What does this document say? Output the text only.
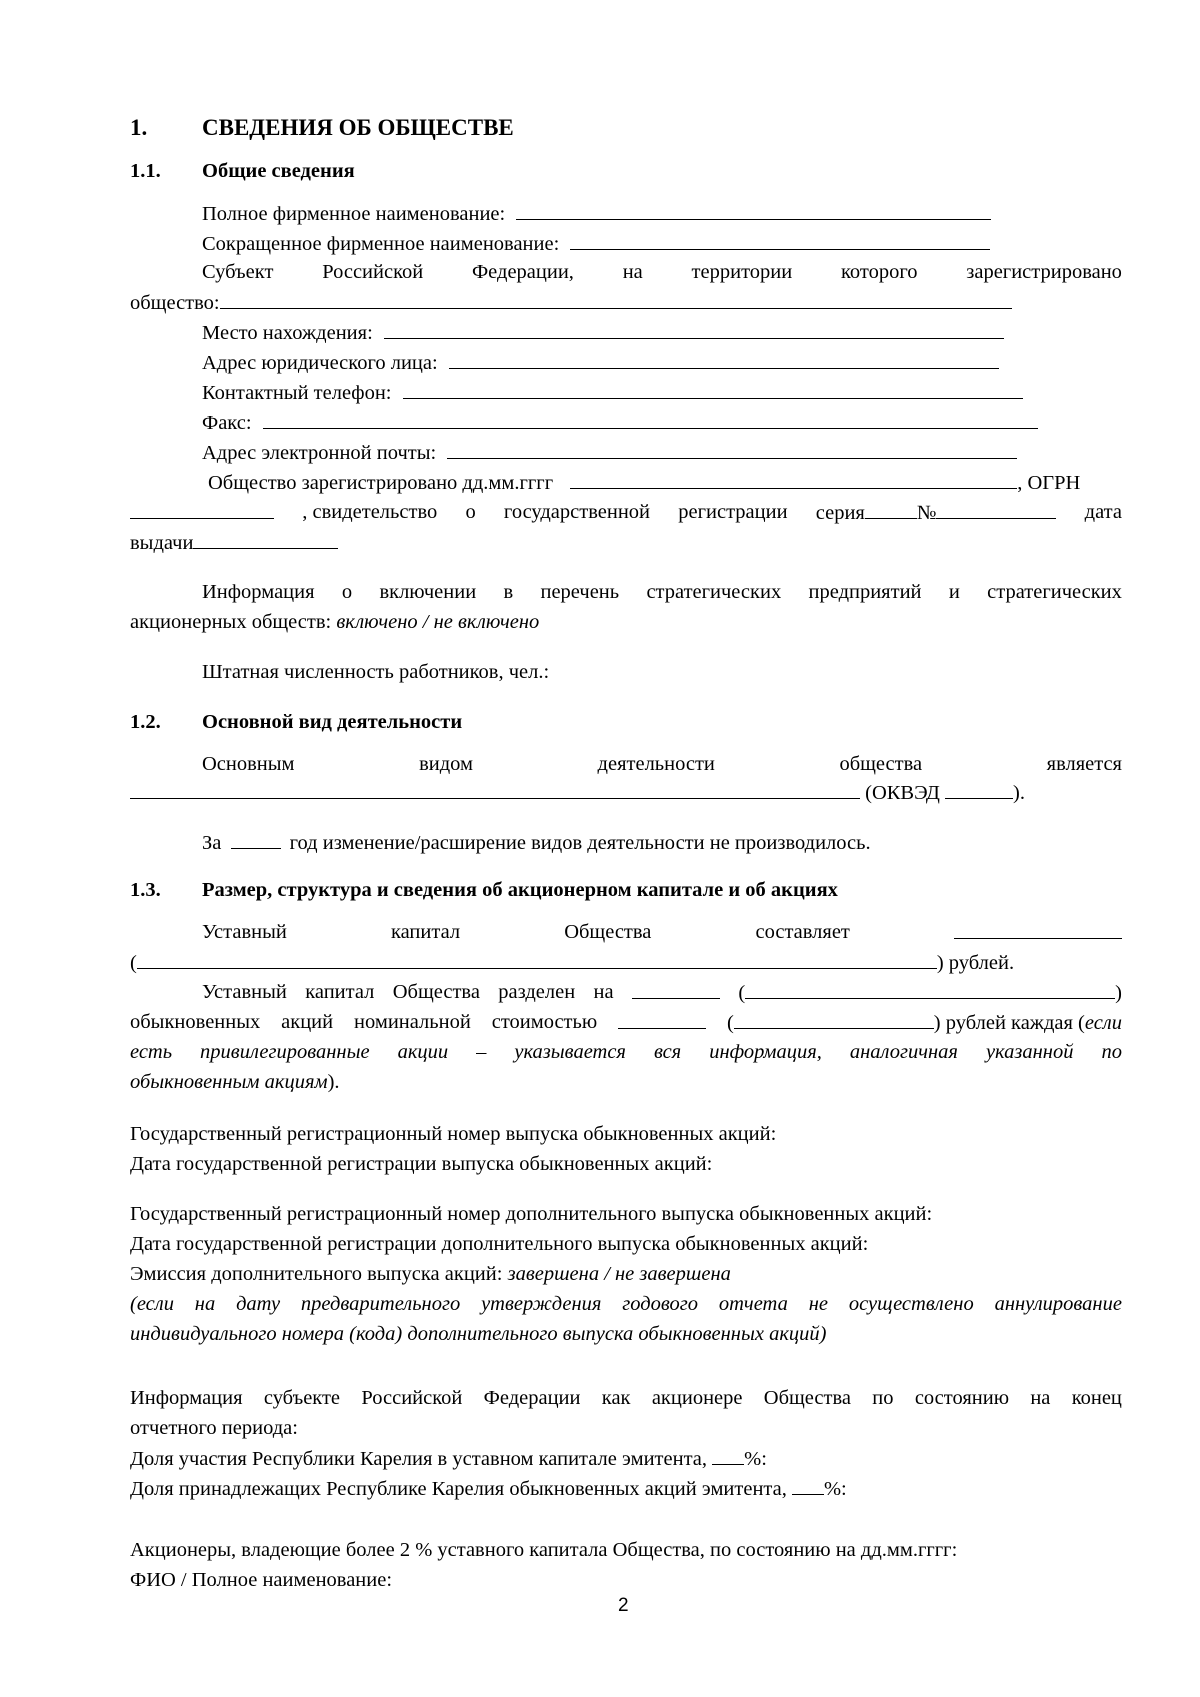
1. СВЕДЕНИЯ ОБ ОБЩЕСТВЕ
1.1. Общие сведения
Полное фирменное наименование:
Сокращенное фирменное наименование:
Субъект Российской Федерации, на территории которого зарегистрировано
общество:
Место нахождения:
Адрес юридического лица:
Контактный телефон:
Факс:
Адрес электронной почты:
Общество зарегистрировано дд.мм.гггг	, ОГРН
, свидетельство о государственной регистрации серия	№	дата
выдачи
Информация о включении в перечень стратегических предприятий и стратегических
акционерных обществ: включено / не включено
Штатная численность работников, чел.:
1.2. Основной вид деятельности
Основным	видом	деятельности	общества	является
(ОКВЭД	).
За	год изменение/расширение видов деятельности не производилось.
1.3. Размер, структура и сведения об акционерном капитале и об акциях
Уставный	капитал	Общества	составляет
(	) рублей.
Уставный капитал Общества разделен на	(	)
обыкновенных акций номинальной стоимостью	(	) рублей каждая (если
есть привилегированные акции – указывается вся информация, аналогичная указанной по
обыкновенным акциям).
Государственный регистрационный номер выпуска обыкновенных акций:
Дата государственной регистрации выпуска обыкновенных акций:
Государственный регистрационный номер дополнительного выпуска обыкновенных акций:
Дата государственной регистрации дополнительного выпуска обыкновенных акций:
Эмиссия дополнительного выпуска акций: завершена / не завершена
(если на дату предварительного утверждения годового отчета не осуществлено аннулирование
индивидуального номера (кода) дополнительного выпуска обыкновенных акций)
Информация субъекте Российской Федерации как акционере Общества по состоянию на конец
отчетного периода:
Доля участия Республики Карелия в уставном капитале эмитента, %:
Доля принадлежащих Республике Карелия обыкновенных акций эмитента, %:
Акционеры, владеющие более 2 % уставного капитала Общества, по состоянию на дд.мм.гггг:
ФИО / Полное наименование:
2
